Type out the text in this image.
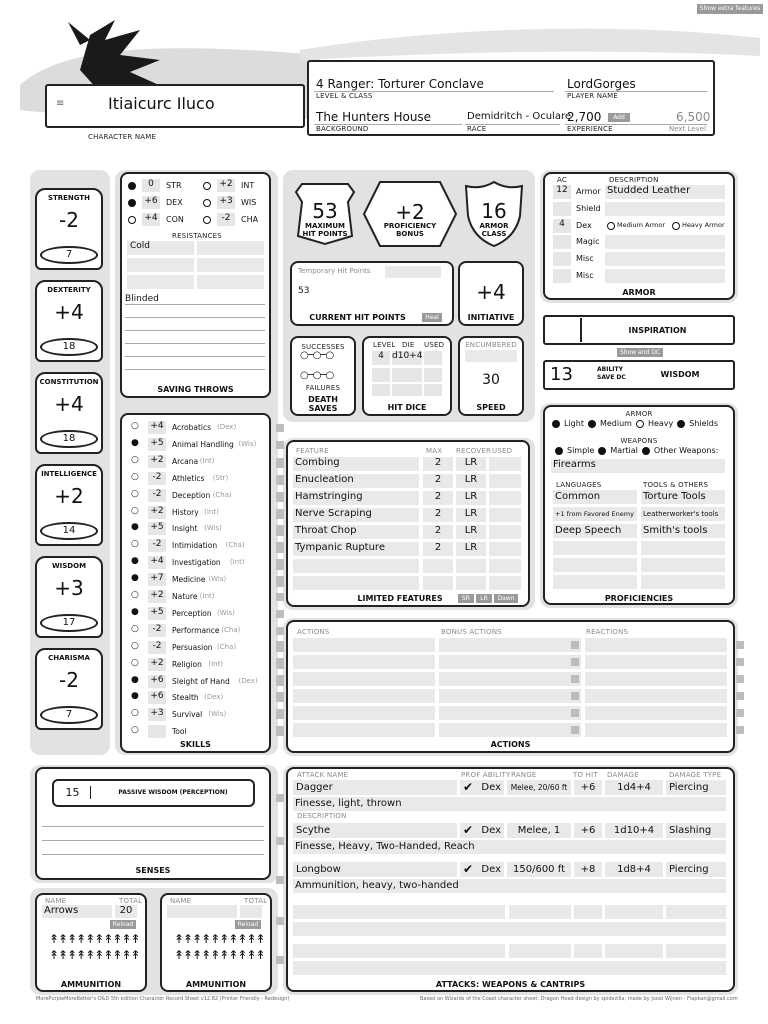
Show extra features
≡	Itiaicurc Iluco
CHARACTER NAME
4 Ranger: Torturer Conclave
LEVEL & CLASS
LordGorges
PLAYER NAME
The Hunters House
BACKGROUND
Demidritch - Oculare
RACE
2,700	Add	6,500
EXPERIENCE	Next Level
RESISTANCES
Cold
Blinded
SAVING THROWS
SKILLS
53
MAXIMUM HIT POINTS
+2
PROFICIENCY BONUS
16
ARMOR CLASS
Temporary Hit Points
53
CURRENT HIT POINTS	Heal
+4
INITIATIVE
SUCCESSES
○─○─○
○─○─○
FAILURES
DEATH SAVES
LEVEL DIE USED
4 d10+4
HIT DICE
ENCUMBERED
30
SPEED
AC	DESCRIPTION
ARMOR
INSPIRATION
Show and DC
13	ABILITY SAVE DC	WISDOM
ARMOR
Light Medium Heavy Shields
WEAPONS
Simple Martial Other Weapons:
Firearms
LANGUAGES	TOOLS & OTHERS
PROFICIENCIES
FEATURE	MAX RECOVER USED
LIMITED FEATURES	SR	LR	Dawn
ACTIONS	BONUS ACTIONS	REACTIONS
ACTIONS
15	PASSIVE WISDOM (PERCEPTION)
SENSES
ATTACK NAME	PROF ABILITY RANGE	TO HIT DAMAGE	DAMAGE TYPE
DESCRIPTION
ATTACKS: WEAPONS & CANTRIPS
MorePurpleMoreBetter's D&D 5th edition Character Record Sheet v12.82 (Printer Friendly - Redesign)	Based on Wizards of the Coast character sheet; Dragon Head design by spidezilla; made by Joost Wijnen - Flapkan@gmail.com
STRENGTH
-2
7
DEXTERITY
+4
18
CONSTITUTION
+4
18
INTELLIGENCE
+2
14
WISDOM
+3
17
CHARISMA
-2
7
0	STR
+6 DEX
+4 CON
+2 INT
+3 WIS
-2	CHA
○ +4	Acrobatics (Dex)
● +5	Animal Handling (Wis)
○ +2	Arcana (Int)
○	-2	Athletics (Str)
○	-2	Deception (Cha)
○ +2	History (Int)
● +5	Insight (Wis)
○	-2	Intimidation (Cha)
● +4	Investigation (Int)
● +7	Medicine (Wis)
○ +2	Nature (Int)
● +5	Perception (Wis)
○	-2	Performance (Cha)
○	-2	Persuasion (Cha)
○ +2	Religion (Int)
● +6	Sleight of Hand (Dex)
● +6	Stealth (Dex)
○ +3	Survival (Wis)
○	Tool
12	Armor Studded Leather
Shield
4	Dex
Magic
Misc
Misc
Medium Armor	Heavy Armor
Common	Torture Tools
+1 from Favored Enemy	Leatherworker's tools
Deep Speech	Smith's tools
Combing	2	LR
Enucleation	2	LR
Hamstringing	2	LR
Nerve Scraping	2	LR
Throat Chop	2	LR
Tympanic Rupture	2	LR
NAME	TOTAL
Arrows	20
Reload
↟↟↟↟↟↟↟↟↟↟
↟↟↟↟↟↟↟↟↟↟
AMMUNITION
NAME	TOTAL
Reload
↟↟↟↟↟↟↟↟↟↟
↟↟↟↟↟↟↟↟↟↟
AMMUNITION
Dagger	Dex	Melee, 20/60 ft	+6	1d4+4	Piercing
✔
Finesse, light, thrown
Scythe	Dex	Melee, 1	+6	1d10+4	Slashing
✔
Finesse, Heavy, Two-Handed, Reach
Longbow	Dex	150/600 ft	+8	1d8+4	Piercing
✔
Ammunition, heavy, two-handed
